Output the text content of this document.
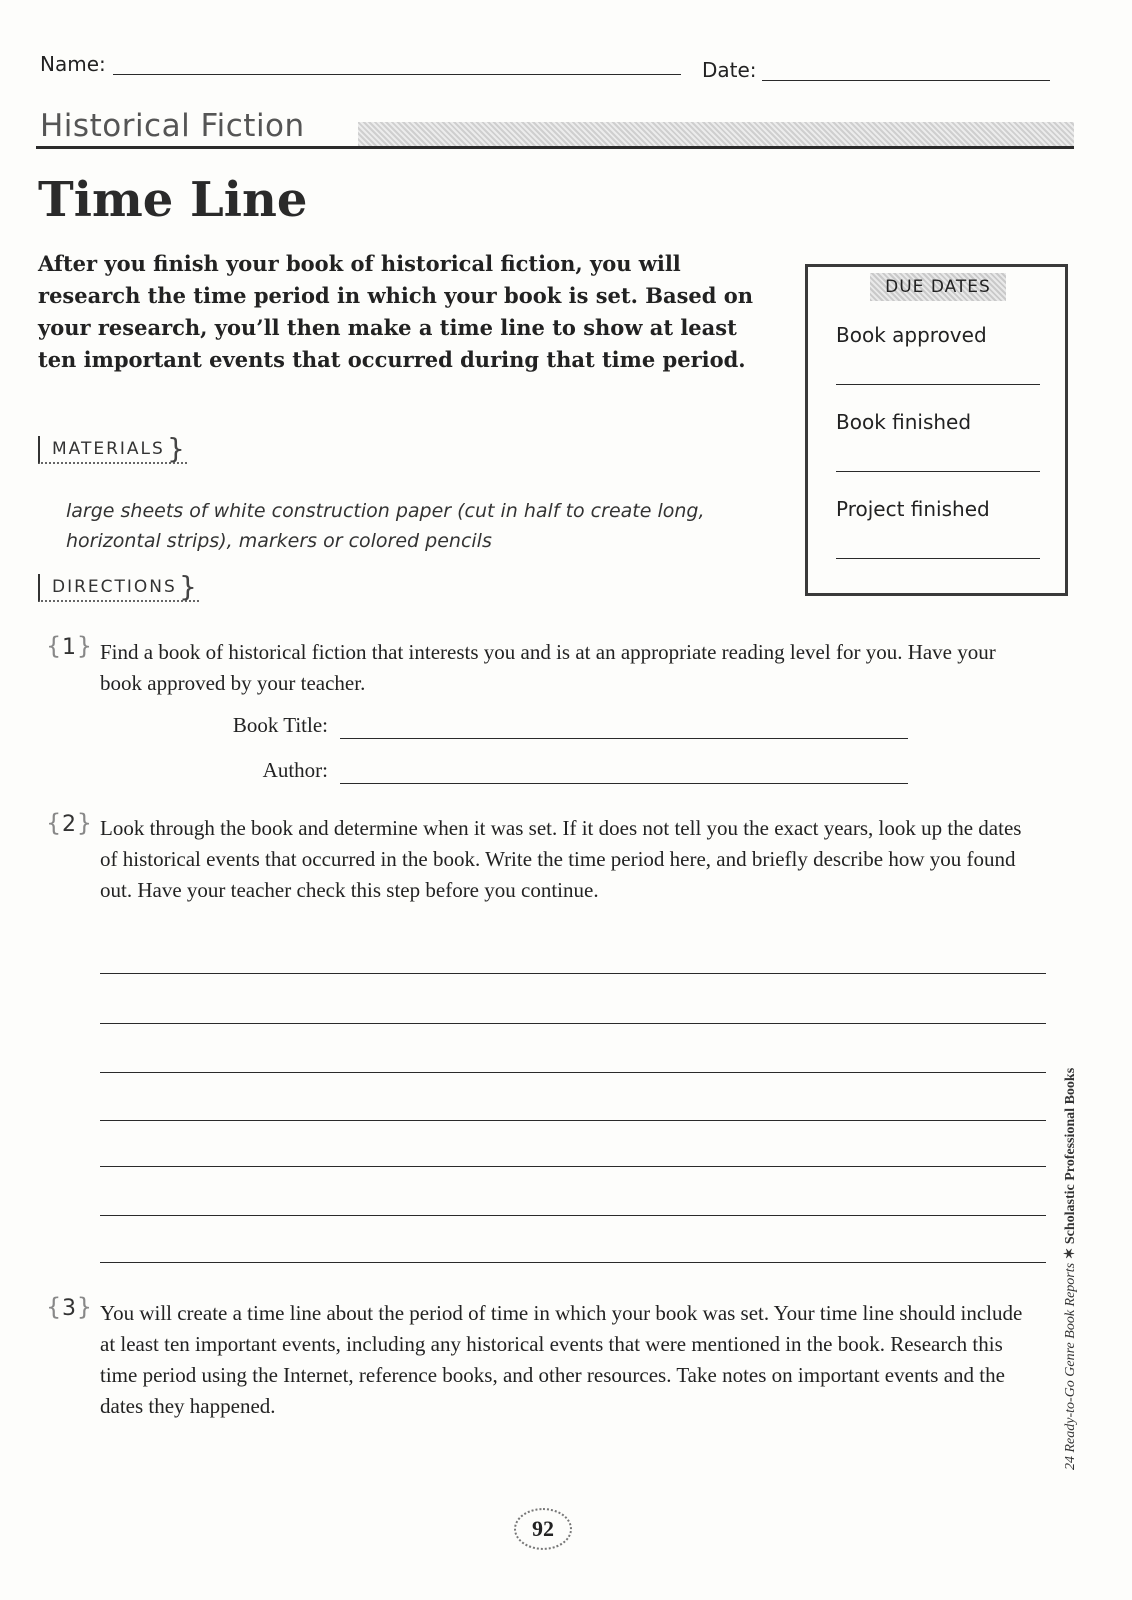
Name:	Date:
Historical Fiction
Time Line
After you finish your book of historical fiction, you will research the time period in which your book is set. Based on your research, you’ll then make a time line to show at least ten important events that occurred during that time period.
DUE DATES
Book approved
Book finished
Project finished
MATERIALS }
large sheets of white construction paper (cut in half to create long, horizontal strips), markers or colored pencils
DIRECTIONS }
{ 1 }	Find a book of historical fiction that interests you and is at an appropriate reading level for you. Have your book approved by your teacher.
Book Title:
Author:
{ 2 }	Look through the book and determine when it was set. If it does not tell you the exact years, look up the dates of historical events that occurred in the book. Write the time period here, and briefly describe how you found out. Have your teacher check this step before you continue.
{ 3 }	You will create a time line about the period of time in which your book was set. Your time line should include at least ten important events, including any historical events that were mentioned in the book. Research this time period using the Internet, reference books, and other resources. Take notes on important events and the dates they happened.	24 Ready-to-Go Genre Book Reports ✶ Scholastic Professional Books
92
